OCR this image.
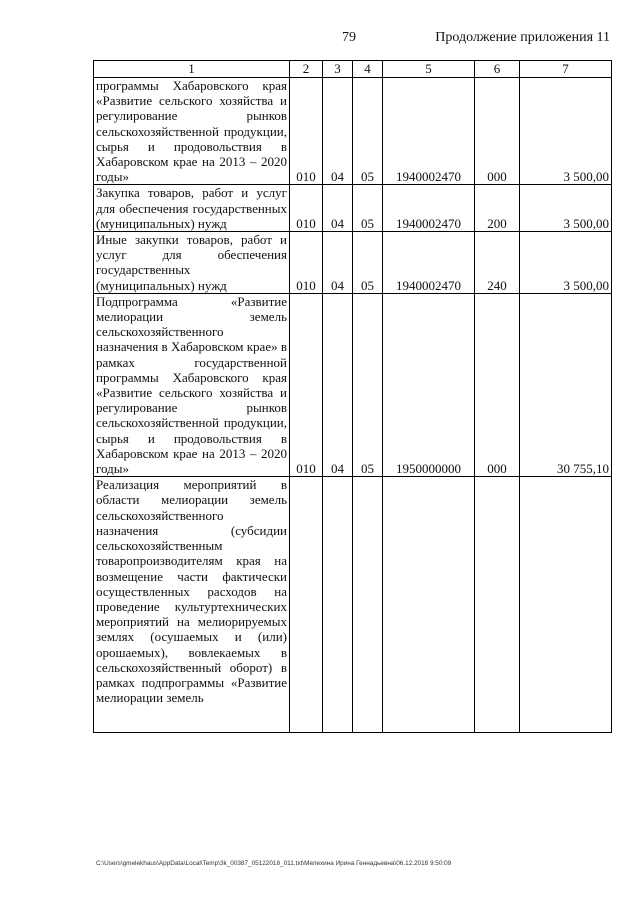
79	Продолжение приложения 11
1	2	3	4	5	6	7
программы Хабаровского края «Развитие сельского хозяйства и регулирование рынков сельскохозяйственной продукции, сырья и продовольствия в Хабаровском крае на 2013 – 2020 годы»	010	04	05	1940002470	000	3 500,00
Закупка товаров, работ и услуг для обеспечения государственных (муниципальных) нужд	010	04	05	1940002470	200	3 500,00
Иные закупки товаров, работ и услуг для обеспечения государственных (муниципальных) нужд	010	04	05	1940002470	240	3 500,00
Подпрограмма «Развитие мелиорации земель сельскохозяйственного назначения в Хабаровском крае» в рамках государственной программы Хабаровского края «Развитие сельского хозяйства и регулирование рынков сельскохозяйственной продукции, сырья и продовольствия в Хабаровском крае на 2013 – 2020 годы»	010	04	05	1950000000	000	30 755,10
Реализация мероприятий в области мелиорации земель сельскохозяйственного назначения (субсидии сельскохозяйственным товаропроизводителям края на возмещение части фактически осуществленных расходов на проведение культуртехнических мероприятий на мелиорируемых землях (осушаемых и (или) орошаемых), вовлекаемых в сельскохозяйственный оборот) в рамках подпрограммы «Развитие мелиорации земель						
C:\Users\gmelekhaus\AppData\Local\Temp\3k_00387_05122018_011.txt\Мелехина Ирина Геннадьевна\06.12.2018 9:50:09
